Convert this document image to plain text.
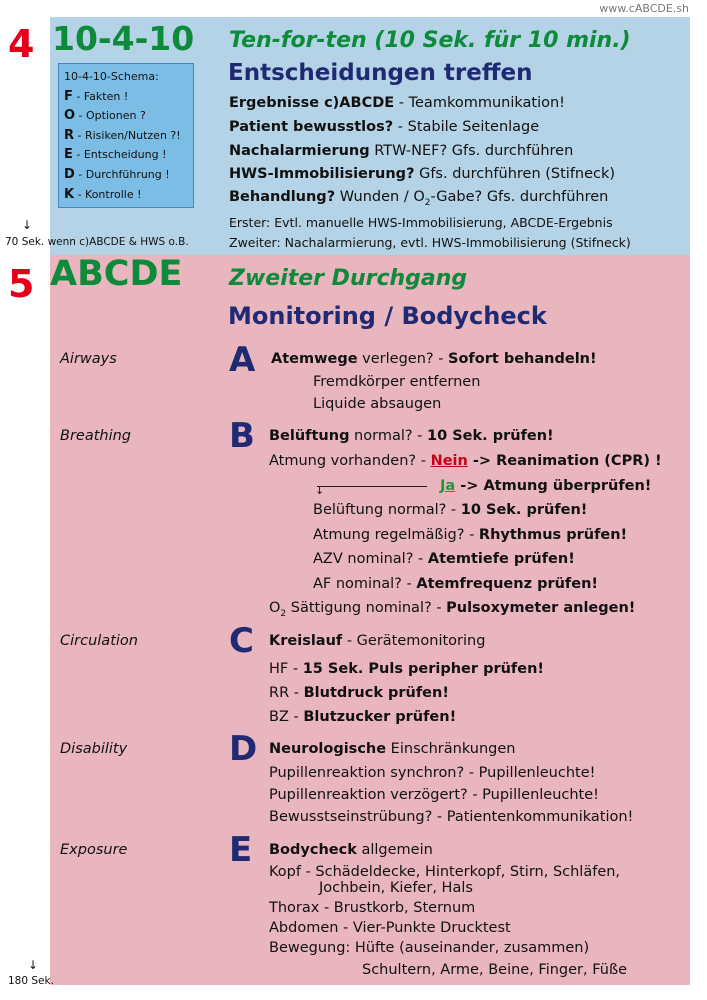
www.cABCDE.sh
4 10-4-10 Ten-for-ten (10 Sek. für 10 min.)
Entscheidungen treffen
10-4-10-Schema:
F - Fakten !
O - Optionen ?
R - Risiken/Nutzen ?!
E - Entscheidung !
D - Durchführung !
K - Kontrolle !
Ergebnisse c)ABCDE - Teamkommunikation!
Patient bewusstlos? - Stabile Seitenlage
Nachalarmierung RTW-NEF? Gfs. durchführen
HWS-Immobilisierung? Gfs. durchführen (Stifneck)
Behandlung? Wunden / $O_2$-Gabe? Gfs. durchführen
Erster: Evtl. manuelle HWS-Immobilisierung, ABCDE-Ergebnis
Zweiter: Nachalarmierung, evtl. HWS-Immobilisierung (Stifneck)
↓
70 Sek. wenn c)ABCDE & HWS o.B.
5 ABCDE Zweiter Durchgang
Monitoring / Bodycheck
Airways	A Atemwege verlegen? - Sofort behandeln!
Fremdkörper entfernen
Liquide absaugen
Breathing	B Belüftung normal? - 10 Sek. prüfen!
Atmung vorhanden? - Nein -> Reanimation (CPR) !
↓	Ja -> Atmung überprüfen!
Belüftung normal? - 10 Sek. prüfen!
Atmung regelmäßig? - Rhythmus prüfen!
AZV nominal? - Atemtiefe prüfen!
AF nominal? - Atemfrequenz prüfen!
$O_2$ Sättigung nominal? - Pulsoxymeter anlegen!
Circulation	C Kreislauf - Gerätemonitoring
HF - 15 Sek. Puls peripher prüfen!
RR - Blutdruck prüfen!
BZ - Blutzucker prüfen!
Disability	D Neurologische Einschränkungen
Pupillenreaktion synchron? - Pupillenleuchte!
Pupillenreaktion verzögert? - Pupillenleuchte!
Bewusstseinstrübung? - Patientenkommunikation!
Exposure	E Bodycheck allgemein
Kopf - Schädeldecke, Hinterkopf, Stirn, Schläfen,
Jochbein, Kiefer, Hals
Thorax - Brustkorb, Sternum
Abdomen - Vier-Punkte Drucktest
Bewegung: Hüfte (auseinander, zusammen)
Schultern, Arme, Beine, Finger, Füße
↓
180 Sek.
